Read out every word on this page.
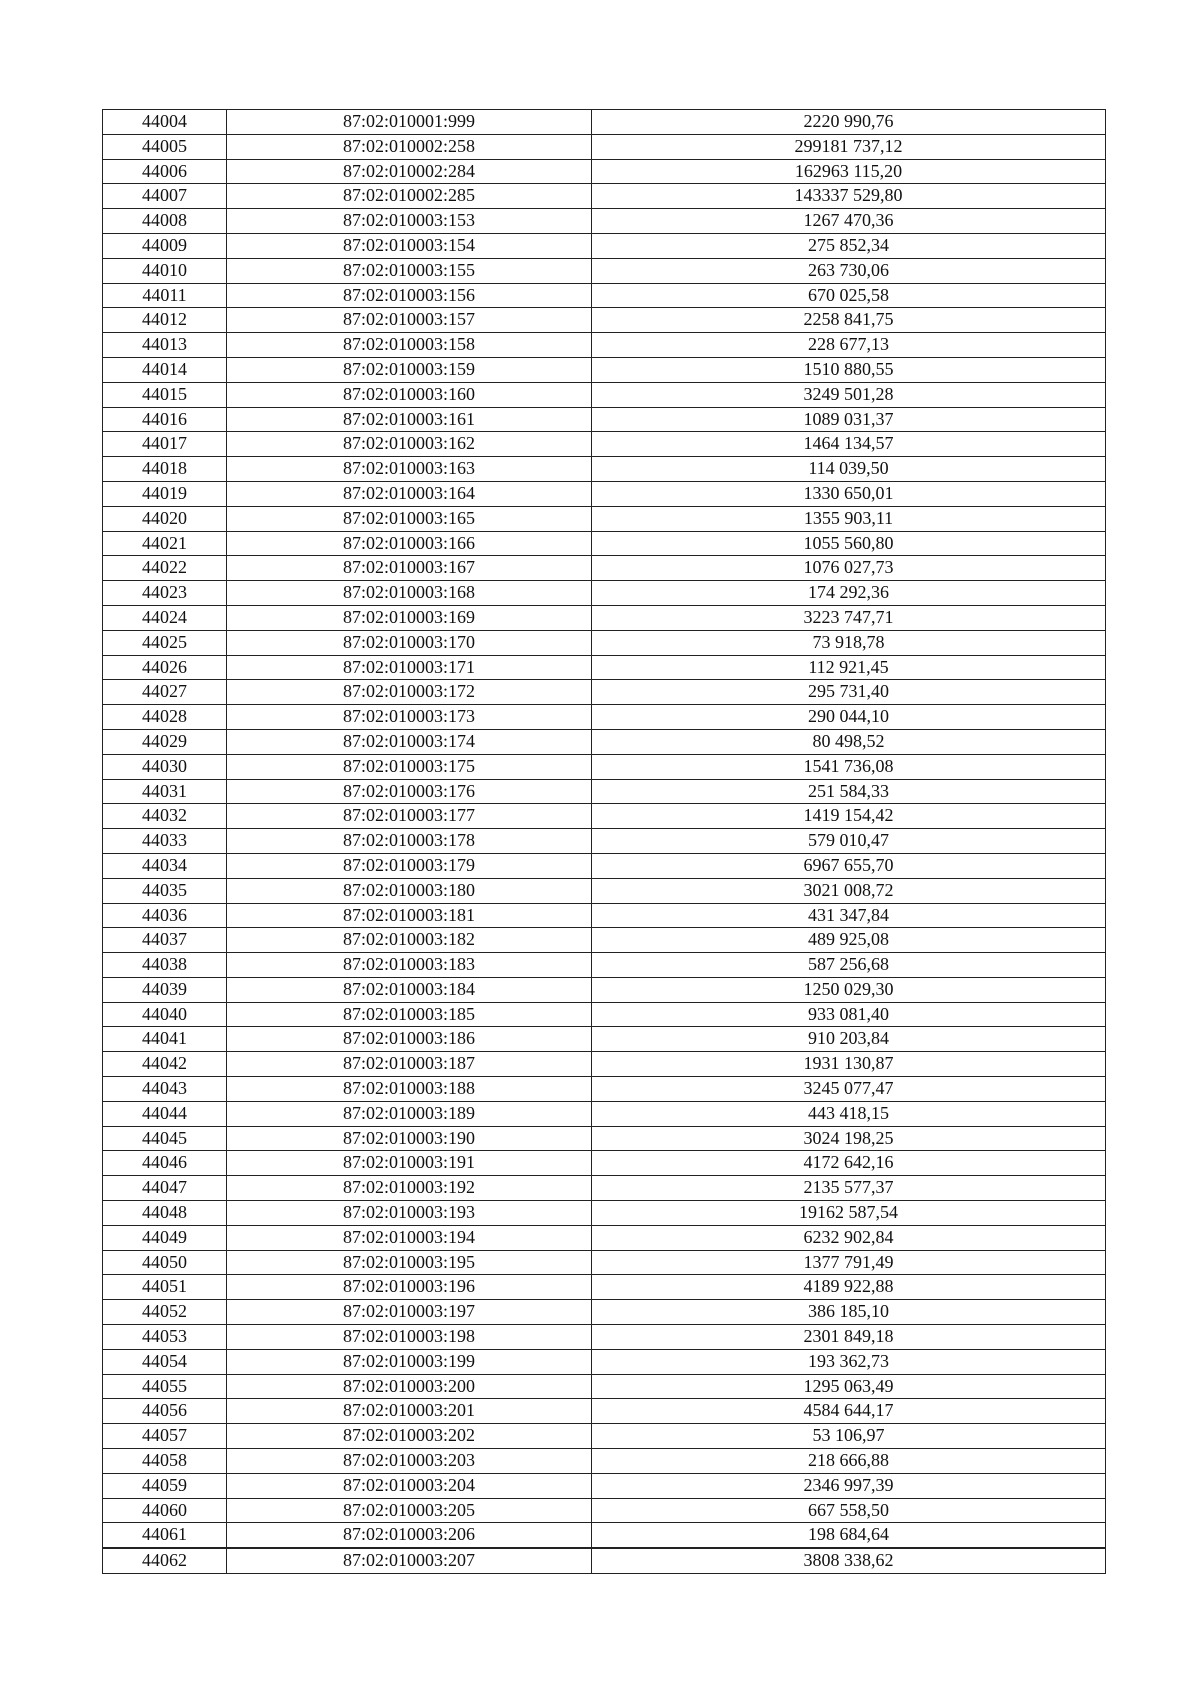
44004	87:02:010001:999	2220 990,76
44005	87:02:010002:258	299181 737,12
44006	87:02:010002:284	162963 115,20
44007	87:02:010002:285	143337 529,80
44008	87:02:010003:153	1267 470,36
44009	87:02:010003:154	275 852,34
44010	87:02:010003:155	263 730,06
44011	87:02:010003:156	670 025,58
44012	87:02:010003:157	2258 841,75
44013	87:02:010003:158	228 677,13
44014	87:02:010003:159	1510 880,55
44015	87:02:010003:160	3249 501,28
44016	87:02:010003:161	1089 031,37
44017	87:02:010003:162	1464 134,57
44018	87:02:010003:163	114 039,50
44019	87:02:010003:164	1330 650,01
44020	87:02:010003:165	1355 903,11
44021	87:02:010003:166	1055 560,80
44022	87:02:010003:167	1076 027,73
44023	87:02:010003:168	174 292,36
44024	87:02:010003:169	3223 747,71
44025	87:02:010003:170	73 918,78
44026	87:02:010003:171	112 921,45
44027	87:02:010003:172	295 731,40
44028	87:02:010003:173	290 044,10
44029	87:02:010003:174	80 498,52
44030	87:02:010003:175	1541 736,08
44031	87:02:010003:176	251 584,33
44032	87:02:010003:177	1419 154,42
44033	87:02:010003:178	579 010,47
44034	87:02:010003:179	6967 655,70
44035	87:02:010003:180	3021 008,72
44036	87:02:010003:181	431 347,84
44037	87:02:010003:182	489 925,08
44038	87:02:010003:183	587 256,68
44039	87:02:010003:184	1250 029,30
44040	87:02:010003:185	933 081,40
44041	87:02:010003:186	910 203,84
44042	87:02:010003:187	1931 130,87
44043	87:02:010003:188	3245 077,47
44044	87:02:010003:189	443 418,15
44045	87:02:010003:190	3024 198,25
44046	87:02:010003:191	4172 642,16
44047	87:02:010003:192	2135 577,37
44048	87:02:010003:193	19162 587,54
44049	87:02:010003:194	6232 902,84
44050	87:02:010003:195	1377 791,49
44051	87:02:010003:196	4189 922,88
44052	87:02:010003:197	386 185,10
44053	87:02:010003:198	2301 849,18
44054	87:02:010003:199	193 362,73
44055	87:02:010003:200	1295 063,49
44056	87:02:010003:201	4584 644,17
44057	87:02:010003:202	53 106,97
44058	87:02:010003:203	218 666,88
44059	87:02:010003:204	2346 997,39
44060	87:02:010003:205	667 558,50
44061	87:02:010003:206	198 684,64
44062	87:02:010003:207	3808 338,62
